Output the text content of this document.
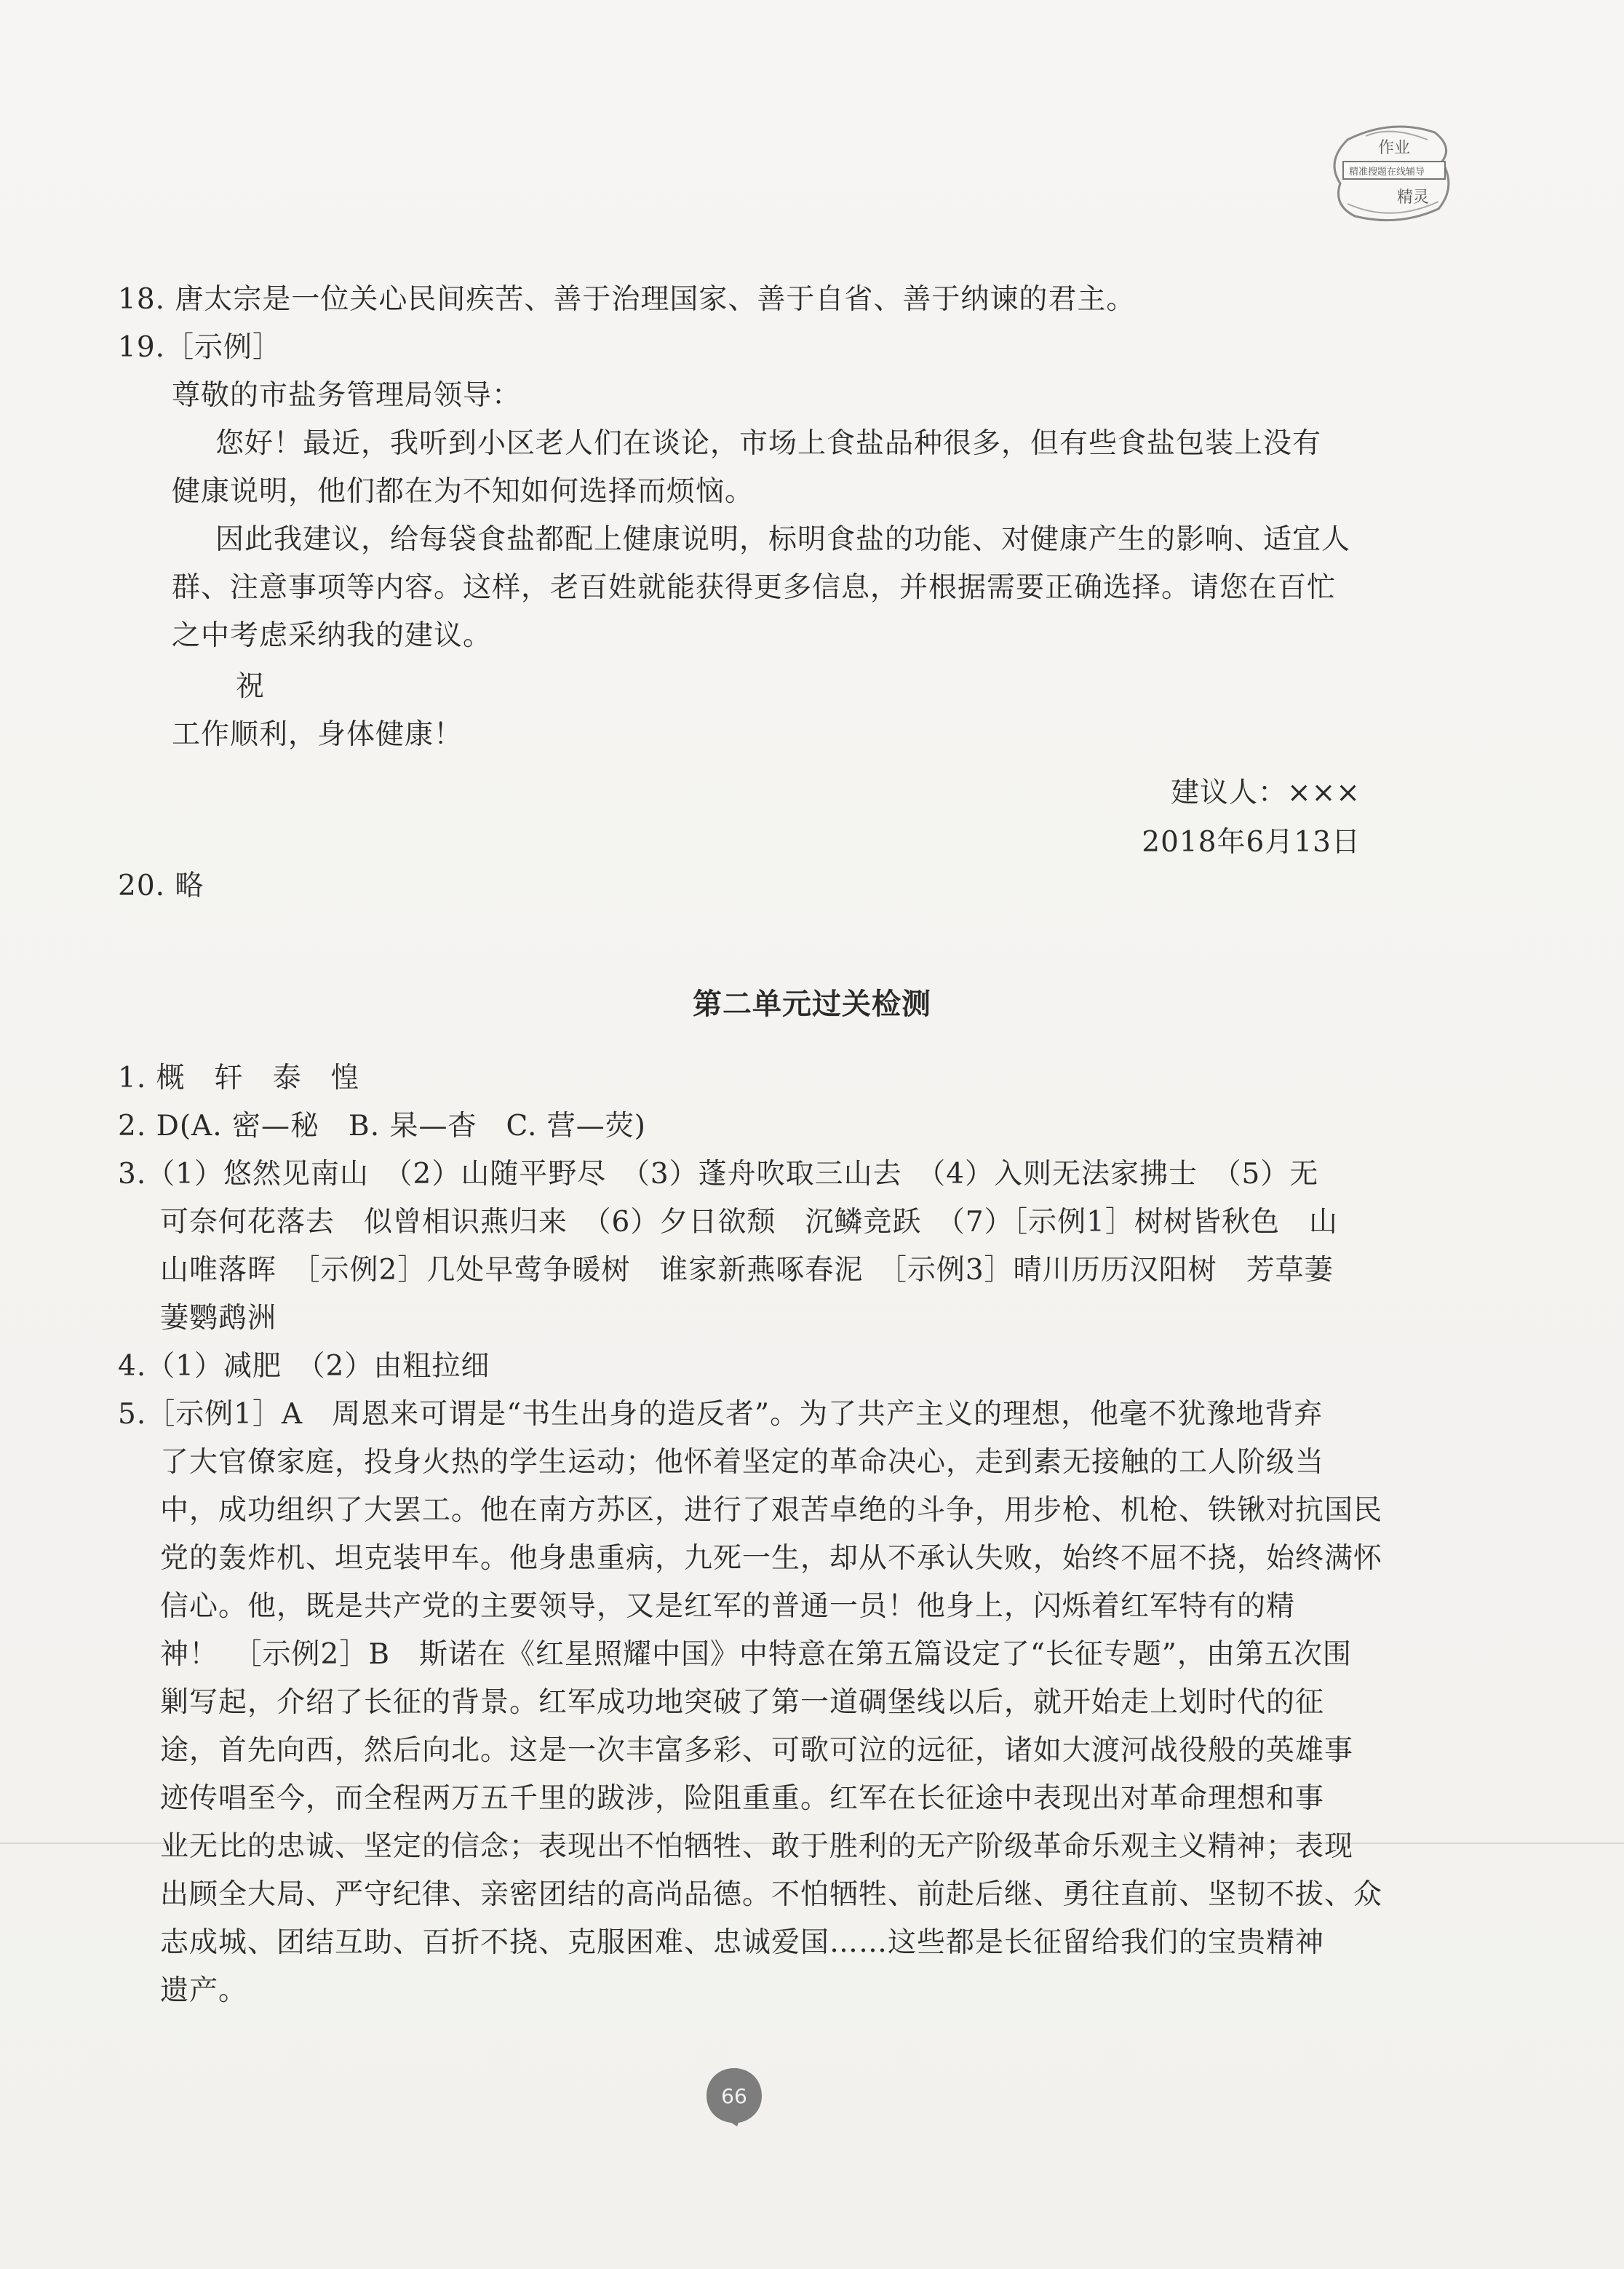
作业
精准搜题在线辅导
精灵
18. 唐太宗是一位关心民间疾苦、善于治理国家、善于自省、善于纳谏的君主。
19.［示例］
尊敬的市盐务管理局领导：
您好！最近，我听到小区老人们在谈论，市场上食盐品种很多，但有些食盐包装上没有
健康说明，他们都在为不知如何选择而烦恼。
因此我建议，给每袋食盐都配上健康说明，标明食盐的功能、对健康产生的影响、适宜人
群、注意事项等内容。这样，老百姓就能获得更多信息，并根据需要正确选择。请您在百忙
之中考虑采纳我的建议。
祝
工作顺利，身体健康！
建议人：×××
2018年6月13日
20. 略
第二单元过关检测
1. 概　轩　泰　惶
2. D(A. 密—秘　B. 杲—杳　C. 营—荧)
3.（1）悠然见南山　（2）山随平野尽　（3）蓬舟吹取三山去　（4）入则无法家拂士　（5）无
可奈何花落去　似曾相识燕归来　（6）夕日欲颓　沉鳞竞跃　（7）［示例1］树树皆秋色　山
山唯落晖　［示例2］几处早莺争暖树　谁家新燕啄春泥　［示例3］晴川历历汉阳树　芳草萋
萋鹦鹉洲
4.（1）减肥　（2）由粗拉细
5.［示例1］A　周恩来可谓是“书生出身的造反者”。为了共产主义的理想，他毫不犹豫地背弃
了大官僚家庭，投身火热的学生运动；他怀着坚定的革命决心，走到素无接触的工人阶级当
中，成功组织了大罢工。他在南方苏区，进行了艰苦卓绝的斗争，用步枪、机枪、铁锹对抗国民
党的轰炸机、坦克装甲车。他身患重病，九死一生，却从不承认失败，始终不屈不挠，始终满怀
信心。他，既是共产党的主要领导，又是红军的普通一员！他身上，闪烁着红军特有的精
神！　［示例2］B　斯诺在《红星照耀中国》中特意在第五篇设定了“长征专题”，由第五次围
剿写起，介绍了长征的背景。红军成功地突破了第一道碉堡线以后，就开始走上划时代的征
途，首先向西，然后向北。这是一次丰富多彩、可歌可泣的远征，诸如大渡河战役般的英雄事
迹传唱至今，而全程两万五千里的跋涉，险阻重重。红军在长征途中表现出对革命理想和事
业无比的忠诚、坚定的信念；表现出不怕牺牲、敢于胜利的无产阶级革命乐观主义精神；表现
出顾全大局、严守纪律、亲密团结的高尚品德。不怕牺牲、前赴后继、勇往直前、坚韧不拔、众
志成城、团结互助、百折不挠、克服困难、忠诚爱国……这些都是长征留给我们的宝贵精神
遗产。
66
